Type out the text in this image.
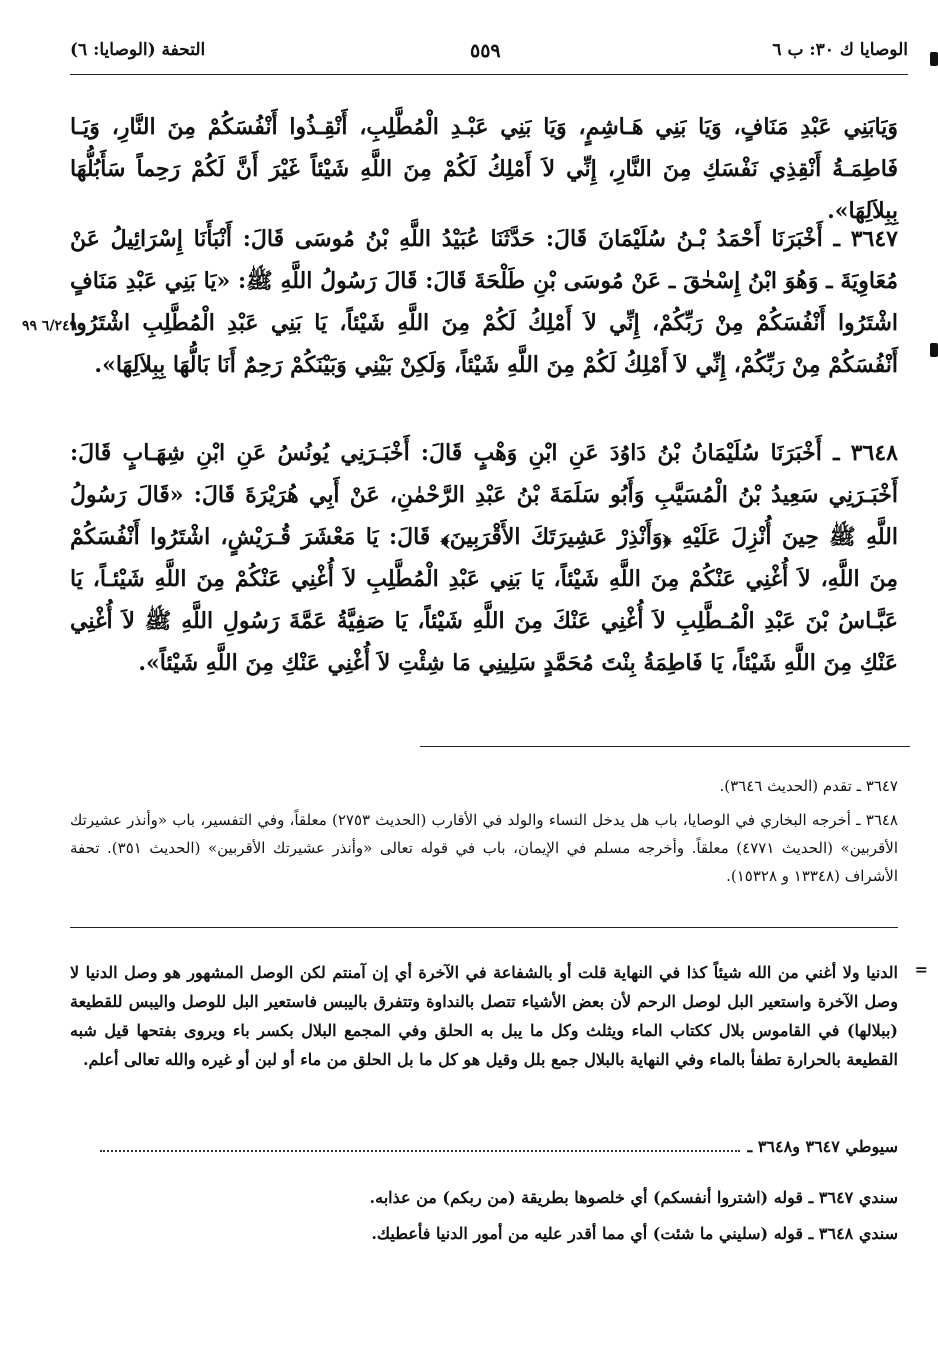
الوصايا ك ٣٠: ب ٦
٥٥٩
التحفة (الوصايا: ٦)
وَيَابَنِي عَبْدِ مَنَافٍ، وَيَا بَنِي هَـاشِمٍ، وَيَا بَنِي عَبْـدِ الْمُطَّلِبِ، أَنْقِـذُوا أَنْفُسَكُمْ مِنَ النَّارِ، وَيَـا فَاطِمَـةُ أَنْقِذِي نَفْسَكِ مِنَ النَّارِ، إِنِّي لاَ أَمْلِكُ لَكُمْ مِنَ اللَّهِ شَيْئاً غَيْرَ أَنَّ لَكُمْ رَحِماً سَأَبُلُّهَا بِبِلاَلِهَا».
٣٦٤٧ ـ أَخْبَرَنَا أَحْمَدُ بْـنُ سُلَيْمَانَ قَالَ: حَدَّثَنَا عُبَيْدُ اللَّهِ بْنُ مُوسَى قَالَ: أَنْبَأَنَا إِسْرَائِيلُ عَنْ مُعَاوِيَةَ ـ وَهُوَ ابْنُ إِسْحٰقَ ـ عَنْ مُوسَى بْنِ طَلْحَةَ قَالَ: قَالَ رَسُولُ اللَّهِ ﷺ: «يَا بَنِي عَبْدِ مَنَافٍ اشْتَرُوا أَنْفُسَكُمْ مِنْ رَبِّكُمْ، إِنِّي لاَ أَمْلِكُ لَكُمْ مِنَ اللَّهِ شَيْئاً، يَا بَنِي عَبْدِ الْمُطَّلِبِ اشْتَرُوا أَنْفُسَكُمْ مِنْ رَبِّكُمْ، إِنِّي لاَ أَمْلِكُ لَكُمْ مِنَ اللَّهِ شَيْئاً، وَلَكِنْ بَيْنِي وَبَيْنَكُمْ رَحِمٌ أَنَا بَالُّهَا بِبِلاَلِهَا».
٦/٢٤٩ ٩٩
٣٦٤٨ ـ أَخْبَرَنَا سُلَيْمَانُ بْنُ دَاوُدَ عَنِ ابْنِ وَهْبٍ قَالَ: أَخْبَـرَنِي يُونُسُ عَنِ ابْنِ شِهَـابٍ قَالَ: أَخْبَـرَنِي سَعِيدُ بْنُ الْمُسَيَّبِ وَأَبُو سَلَمَةَ بْنُ عَبْدِ الرَّحْمٰنِ، عَنْ أَبِي هُرَيْرَةَ قَالَ: «قَالَ رَسُولُ اللَّهِ ﷺ حِينَ أُنْزِلَ عَلَيْهِ ﴿وَأَنْذِرْ عَشِيرَتَكَ الأَقْرَبِينَ﴾ قَالَ: يَا مَعْشَرَ قُـرَيْشٍ، اشْتَرُوا أَنْفُسَكُمْ مِنَ اللَّهِ، لاَ أُغْنِي عَنْكُمْ مِنَ اللَّهِ شَيْئاً، يَا بَنِي عَبْدِ الْمُطَّلِبِ لاَ أُغْنِي عَنْكُمْ مِنَ اللَّهِ شَيْئـاً، يَا عَبَّـاسُ بْنَ عَبْدِ الْمُـطَّلِبِ لاَ أُغْنِي عَنْكَ مِنَ اللَّهِ شَيْئاً، يَا صَفِيَّةُ عَمَّةَ رَسُولِ اللَّهِ ﷺ لاَ أُغْنِي عَنْكِ مِنَ اللَّهِ شَيْئاً، يَا فَاطِمَةُ بِنْتَ مُحَمَّدٍ سَلِينِي مَا شِئْتِ لاَ أُغْنِي عَنْكِ مِنَ اللَّهِ شَيْئاً».
٣٦٤٧ ـ تقدم (الحديث ٣٦٤٦).
٣٦٤٨ ـ أخرجه البخاري في الوصايا، باب هل يدخل النساء والولد في الأقارب (الحديث ٢٧٥٣) معلقاً، وفي التفسير، باب «وأنذر عشيرتك الأقربين» (الحديث ٤٧٧١) معلقاً. وأخرجه مسلم في الإيمان، باب في قوله تعالى «وأنذر عشيرتك الأقربين» (الحديث ٣٥١). تحفة الأشراف (١٣٣٤٨ و ١٥٣٢٨).
=
الدنيا ولا أغني من الله شيئاً كذا في النهاية قلت أو بالشفاعة في الآخرة أي إن آمنتم لكن الوصل المشهور هو وصل الدنيا لا وصل الآخرة واستعير البل لوصل الرحم لأن بعض الأشياء تتصل بالنداوة وتتفرق باليبس فاستعير البل للوصل واليبس للقطيعة (ببلالها) في القاموس بلال ككتاب الماء ويثلث وكل ما يبل به الحلق وفي المجمع البلال بكسر باء ويروى بفتحها قيل شبه القطيعة بالحرارة تطفأ بالماء وفي النهاية بالبلال جمع بلل وقيل هو كل ما بل الحلق من ماء أو لبن أو غيره والله تعالى أعلم.
سيوطي ٣٦٤٧ و٣٦٤٨ ـ
سندي ٣٦٤٧ ـ قوله (اشتروا أنفسكم) أي خلصوها بطريقة (من ربكم) من عذابه.
سندي ٣٦٤٨ ـ قوله (سليني ما شئت) أي مما أقدر عليه من أمور الدنيا فأعطيك.
